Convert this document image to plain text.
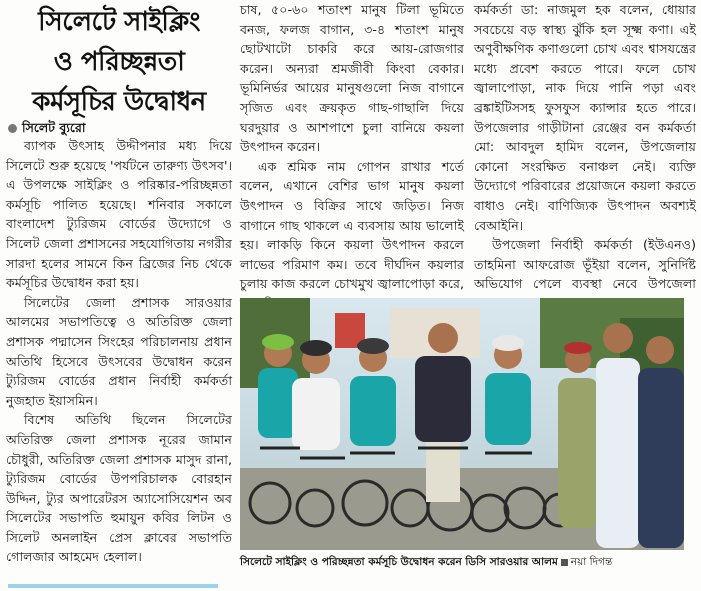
সিলেটে সাইক্লিং
ও পরিচ্ছন্নতা
কর্মসূচির উদ্বোধন
সিলেট ব্যুরো

ব্যাপক উৎসাহ উদ্দীপনার মধ্য দিয়ে সিলেটে শুরু হয়েছে 'পর্যটনে তারুণ্য উৎসব'। এ উপলক্ষে সাইক্লিং ও পরিষ্কার-পরিচ্ছন্নতা কর্মসূচি পালিত হয়েছে। শনিবার সকালে বাংলাদেশ ট্যুরিজম বোর্ডের উদ্যোগে ও সিলেট জেলা প্রশাসনের সহযোগিতায় নগরীর সারদা হলের সামনে কিন ব্রিজের নিচ থেকে কর্মসূচির উদ্বোধন করা হয়।

সিলেটের জেলা প্রশাসক সারওয়ার আলমের সভাপতিত্বে ও অতিরিক্ত জেলা প্রশাসক পদ্মাসেন সিংহের পরিচালনায় প্রধান অতিথি হিসেবে উৎসবের উদ্বোধন করেন ট্যুরিজম বোর্ডের প্রধান নির্বাহী কর্মকর্তা নুজহাত ইয়াসমিন।

বিশেষ অতিথি ছিলেন সিলেটের অতিরিক্ত জেলা প্রশাসক নূরের জামান চৌধুরী, অতিরিক্ত জেলা প্রশাসক মাসুদ রানা, ট্যুরিজম বোর্ডের উপপরিচালক বোরহান উদ্দিন, ট্যুর অপারেটরস অ্যাসোসিয়েশন অব সিলেটের সভাপতি হুমায়ুন কবির লিটন ও সিলেট অনলাইন প্রেস ক্লাবের সভাপতি গোলজার আহমেদ হেলাল।

চাষ, ৫০-৬০ শতাংশ মানুষ টিলা ভূমিতে বনজ, ফলজ বাগান, ৩-৪ শতাংশ মানুষ ছোটখাটো চাকরি করে আয়-রোজগার করেন। অন্যরা শ্রমজীবী কিংবা বেকার। ভূমিনির্ভর আয়ের মানুষগুলো নিজ বাগানে সৃজিত এবং ক্রয়কৃত গাছ-গাছালি দিয়ে ঘরদুয়ার ও আশপাশে চুলা বানিয়ে কয়লা উৎপাদন করেন।

এক শ্রমিক নাম গোপন রাখার শর্তে বলেন, এখানে বেশির ভাগ মানুষ কয়লা উৎপাদন ও বিক্রির সাথে জড়িত। নিজ বাগানে গাছ থাকলে এ ব্যবসায় আয় ভালোই হয়। লাকড়ি কিনে কয়লা উৎপাদন করলে লাভের পরিমাণ কম। তবে দীর্ঘদিন কয়লার চুলায় কাজ করলে চোখমুখ জ্বালাপোড়া করে,

কর্মকর্তা ডা: নাজমুল হক বলেন, ধোয়ার সবচেয়ে বড় স্বাস্থ্য ঝুঁকি হল সূক্ষ্ম কণা। এই অণুবীক্ষণিক কণাগুলো চোখ এবং শ্বাসযন্ত্রের মধ্যে প্রবেশ করতে পারে। ফলে চোখ জ্বালাপোড়া, নাক দিয়ে পানি পড়া এবং ব্রঙ্কাইটিসসহ ফুসফুস ক্যান্সার হতে পারে। উপজেলার গাড়ীটানা রেঞ্জের বন কর্মকর্তা মো: আবদুল হামিদ বলেন, উপজেলায় কোনো সংরক্ষিত বনাঞ্চল নেই। ব্যক্তি উদ্যোগে পরিবারের প্রয়োজনে কয়লা করতে বাধাও নেই। বাণিজ্যিক উৎপাদন অবশ্যই বেআইনি।

উপজেলা নির্বাহী কর্মকর্তা (ইউএনও) তাহমিনা আফরোজ ভূঁইয়া বলেন, সুনির্দিষ্ট অভিযোগ পেলে ব্যবস্থা নেবে উপজেলা

সিলেটে সাইক্লিং ও পরিচ্ছন্নতা কর্মসূচি উদ্বোধন করেন ডিসি সারওয়ার আলম নয়া দিগন্ত
